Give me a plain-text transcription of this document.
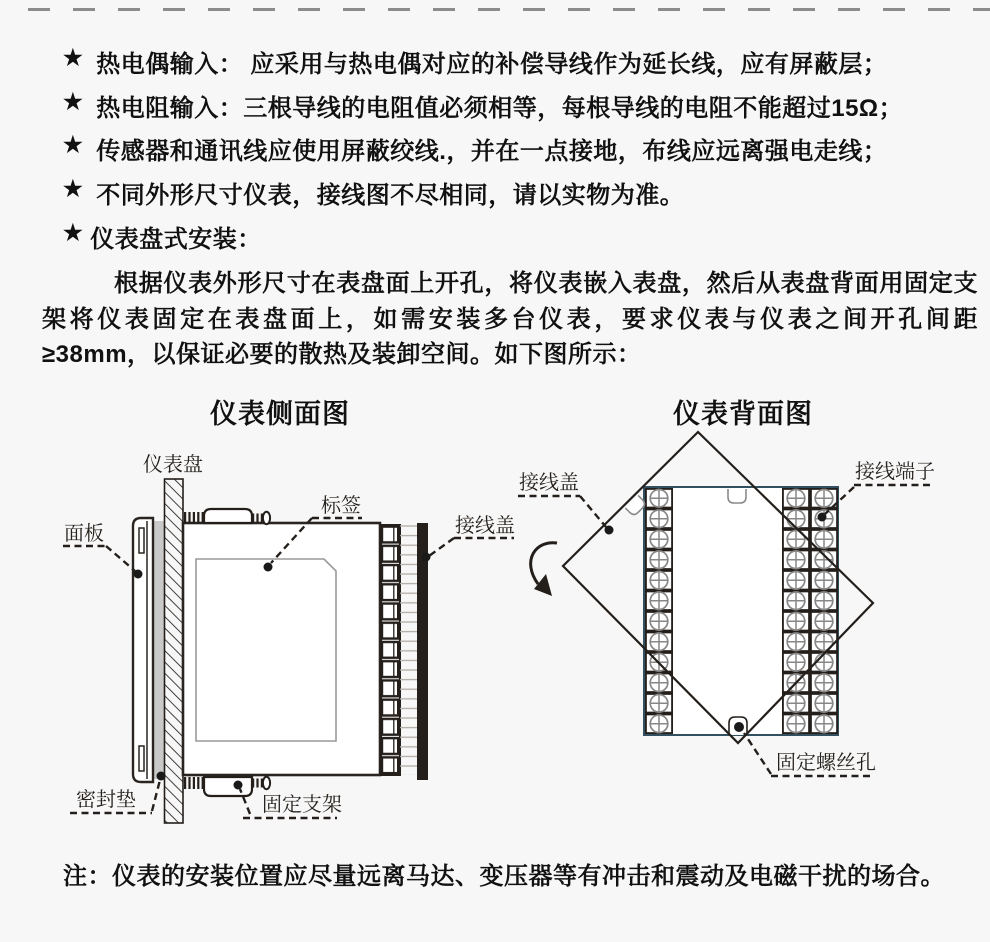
★ 热电偶输入： 应采用与热电偶对应的补偿导线作为延长线，应有屏蔽层；
★ 热电阻输入：三根导线的电阻值必须相等，每根导线的电阻不能超过15Ω；
★ 传感器和通讯线应使用屏蔽绞线.，并在一点接地，布线应远离强电走线；
★ 不同外形尺寸仪表，接线图不尽相同，请以实物为准。
★ 仪表盘式安装：
根据仪表外形尺寸在表盘面上开孔，将仪表嵌入表盘，然后从表盘背面用固定支架将仪表固定在表盘面上，如需安装多台仪表，要求仪表与仪表之间开孔间距≥38mm，以保证必要的散热及装卸空间。如下图所示：
仪表侧面图	仪表背面图
仪表盘
面板
标签
接线盖
密封垫	固定支架
接线盖	接线端子
固定螺丝孔
注：仪表的安装位置应尽量远离马达、变压器等有冲击和震动及电磁干扰的场合。
